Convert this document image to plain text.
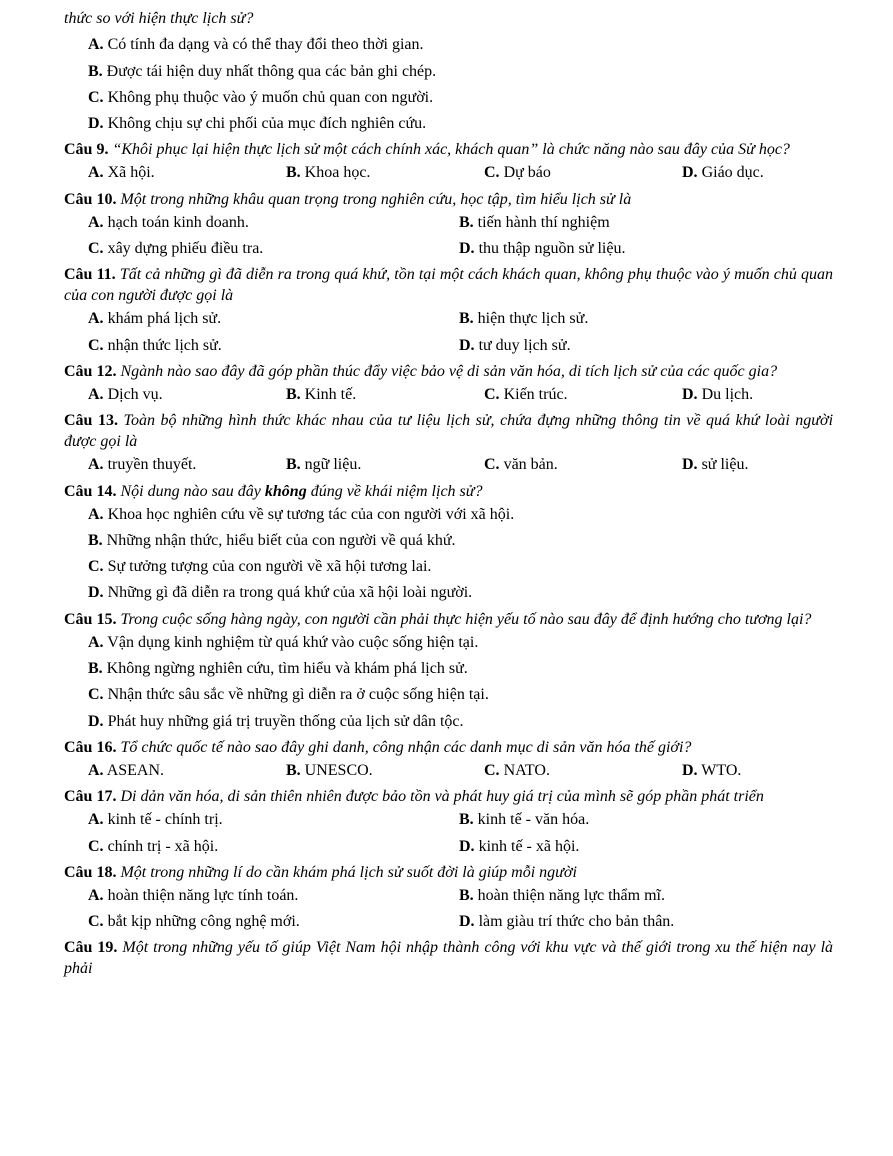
thức so với hiện thực lịch sử?
A. Có tính đa dạng và có thể thay đổi theo thời gian.
B. Được tái hiện duy nhất thông qua các bản ghi chép.
C. Không phụ thuộc vào ý muốn chủ quan con người.
D. Không chịu sự chi phối của mục đích nghiên cứu.
Câu 9. “Khôi phục lại hiện thực lịch sử một cách chính xác, khách quan” là chức năng nào sau đây của Sử học?
A. Xã hội.	B. Khoa học.	C. Dự báo	D. Giáo dục.
Câu 10. Một trong những khâu quan trọng trong nghiên cứu, học tập, tìm hiểu lịch sử là
A. hạch toán kinh doanh.	B. tiến hành thí nghiệm
C. xây dựng phiếu điều tra.	D. thu thập nguồn sử liệu.
Câu 11. Tất cả những gì đã diễn ra trong quá khứ, tồn tại một cách khách quan, không phụ thuộc vào ý muốn chủ quan của con người được gọi là
A. khám phá lịch sử.	B. hiện thực lịch sử.
C. nhận thức lịch sử.	D. tư duy lịch sử.
Câu 12. Ngành nào sao đây đã góp phần thúc đẩy việc bảo vệ di sản văn hóa, di tích lịch sử của các quốc gia?
A. Dịch vụ.	B. Kinh tế.	C. Kiến trúc.	D. Du lịch.
Câu 13. Toàn bộ những hình thức khác nhau của tư liệu lịch sử, chứa đựng những thông tin về quá khứ loài người được gọi là
A. truyền thuyết.	B. ngữ liệu.	C. văn bản.	D. sử liệu.
Câu 14. Nội dung nào sau đây không đúng về khái niệm lịch sử?
A. Khoa học nghiên cứu về sự tương tác của con người với xã hội.
B. Những nhận thức, hiểu biết của con người về quá khứ.
C. Sự tưởng tượng của con người về xã hội tương lai.
D. Những gì đã diễn ra trong quá khứ của xã hội loài người.
Câu 15. Trong cuộc sống hàng ngày, con người cần phải thực hiện yếu tố nào sau đây để định hướng cho tương lại?
A. Vận dụng kinh nghiệm từ quá khứ vào cuộc sống hiện tại.
B. Không ngừng nghiên cứu, tìm hiểu và khám phá lịch sử.
C. Nhận thức sâu sắc về những gì diễn ra ở cuộc sống hiện tại.
D. Phát huy những giá trị truyền thống của lịch sử dân tộc.
Câu 16. Tổ chức quốc tế nào sao đây ghi danh, công nhận các danh mục di sản văn hóa thế giới?
A. ASEAN.	B. UNESCO.	C. NATO.	D. WTO.
Câu 17. Di dản văn hóa, di sản thiên nhiên được bảo tồn và phát huy giá trị của mình sẽ góp phần phát triển
A. kinh tế - chính trị.	B. kinh tế - văn hóa.
C. chính trị - xã hội.	D. kinh tế - xã hội.
Câu 18. Một trong những lí do cần khám phá lịch sử suốt đời là giúp mỗi người
A. hoàn thiện năng lực tính toán.	B. hoàn thiện năng lực thẩm mĩ.
C. bắt kịp những công nghệ mới.	D. làm giàu trí thức cho bản thân.
Câu 19. Một trong những yếu tố giúp Việt Nam hội nhập thành công với khu vực và thế giới trong xu thế hiện nay là phải
